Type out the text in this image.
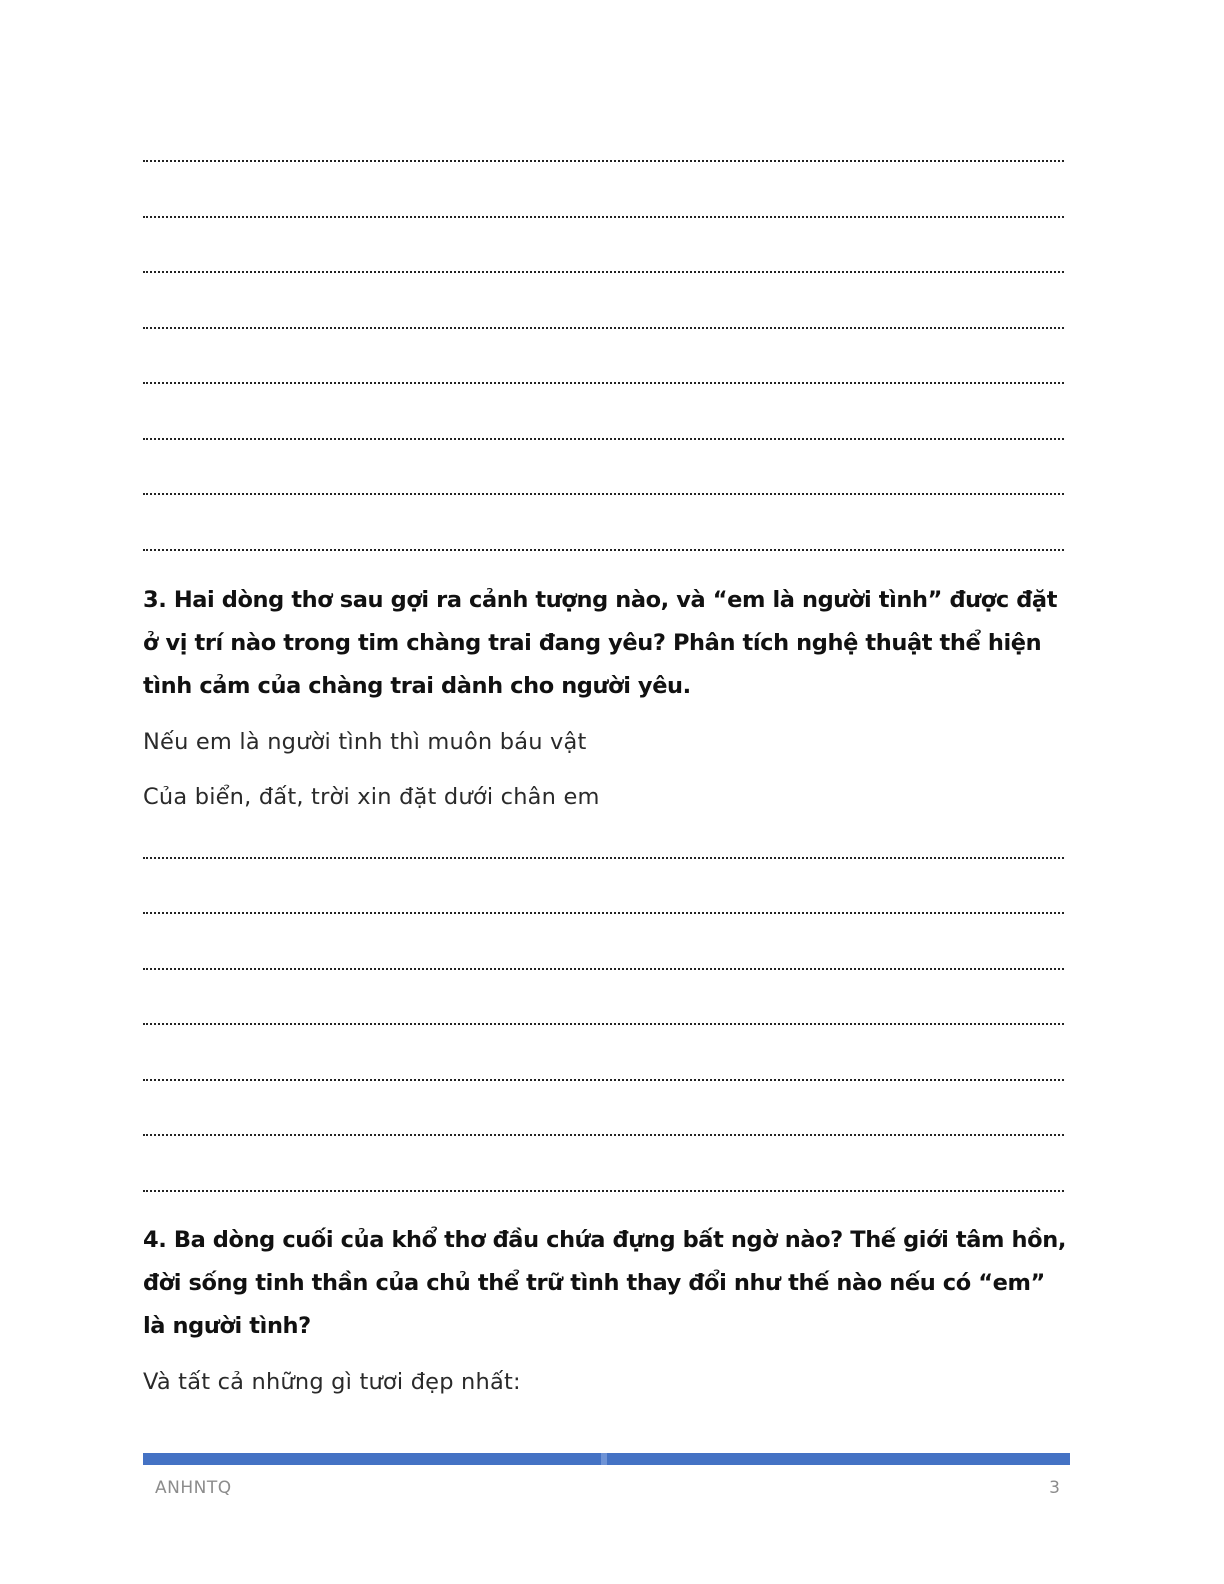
3. Hai dòng thơ sau gợi ra cảnh tượng nào, và “em là người tình” được đặt ở vị trí nào trong tim chàng trai đang yêu? Phân tích nghệ thuật thể hiện tình cảm của chàng trai dành cho người yêu.
Nếu em là người tình thì muôn báu vật
Của biển, đất, trời xin đặt dưới chân em
4. Ba dòng cuối của khổ thơ đầu chứa đựng bất ngờ nào? Thế giới tâm hồn, đời sống tinh thần của chủ thể trữ tình thay đổi như thế nào nếu có “em” là người tình?
Và tất cả những gì tươi đẹp nhất:
ANHNTQ	3
